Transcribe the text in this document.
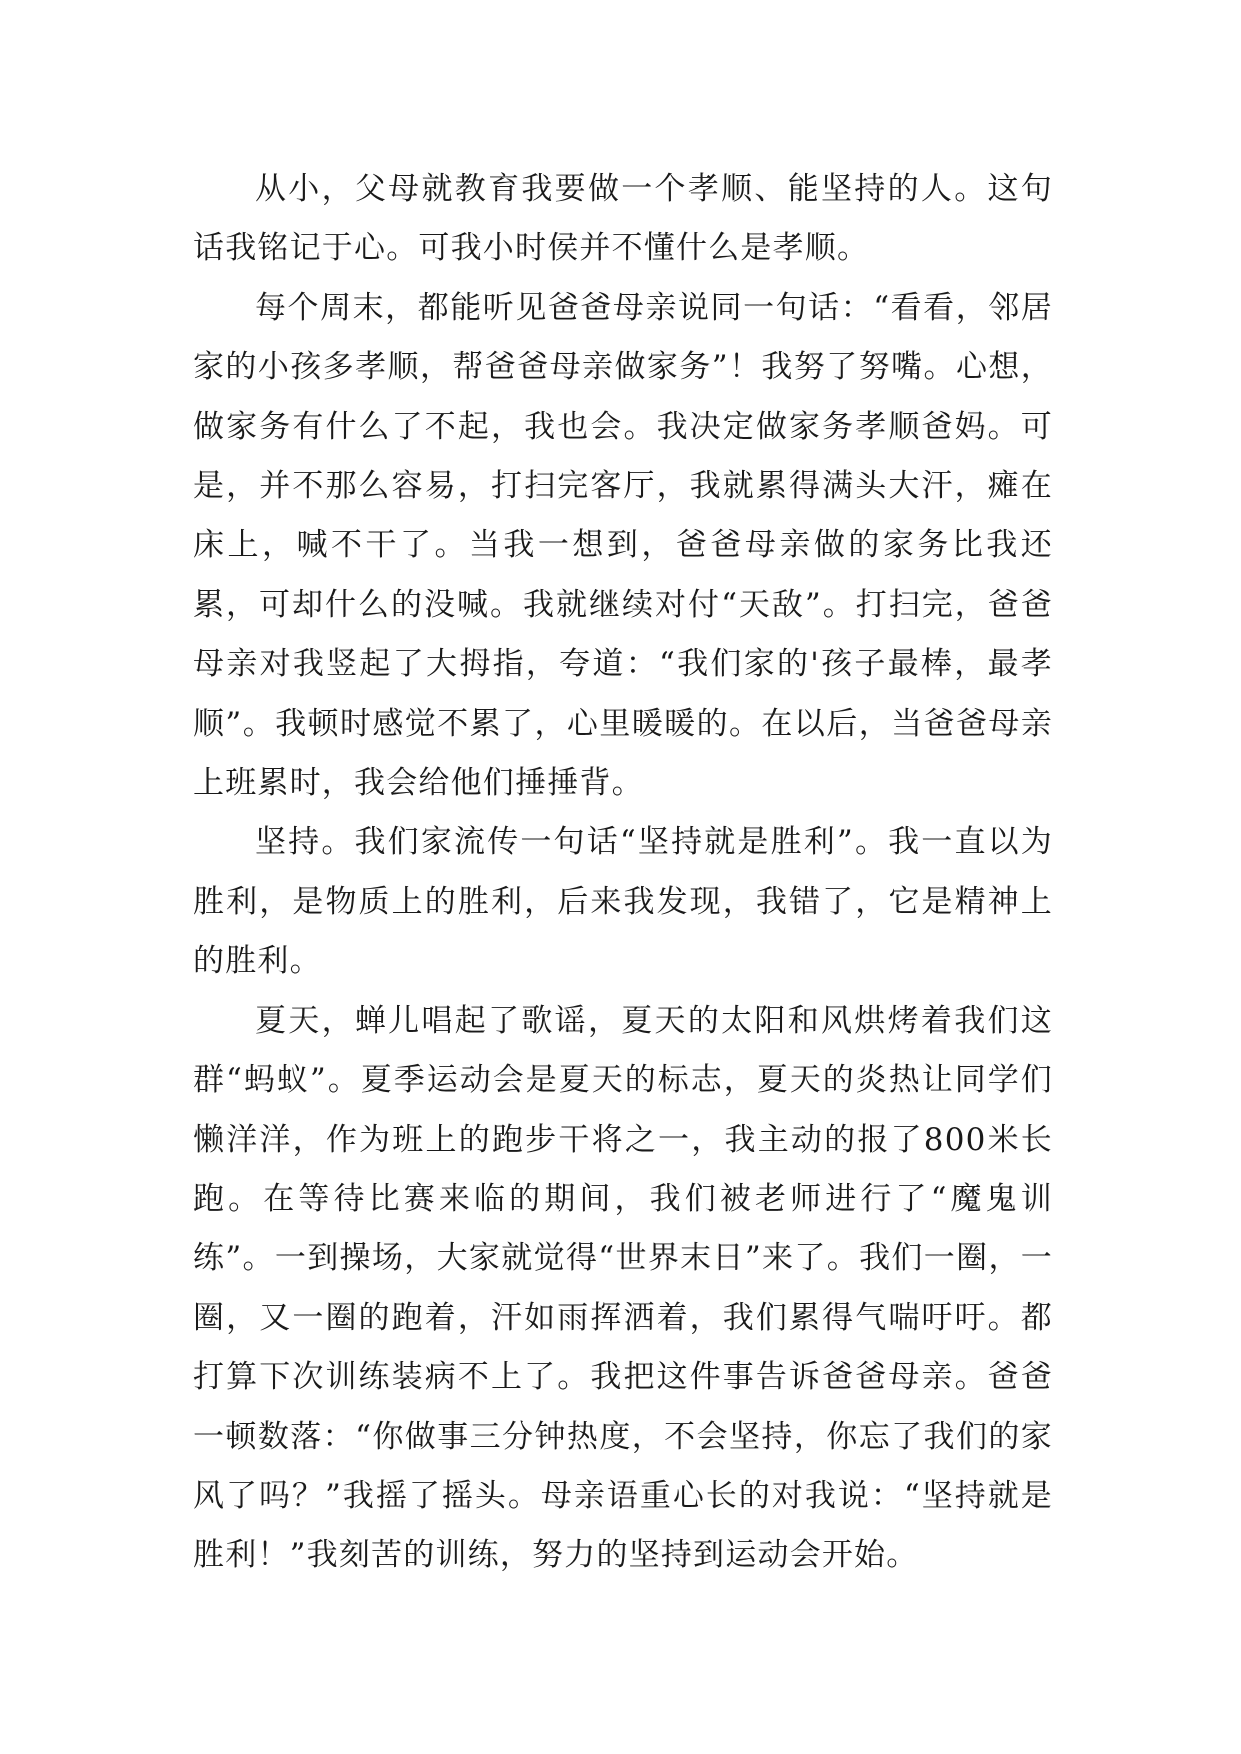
从小，父母就教育我要做一个孝顺、能坚持的人。这句话我铭记于心。可我小时侯并不懂什么是孝顺。

每个周末，都能听见爸爸母亲说同一句话：“看看，邻居家的小孩多孝顺，帮爸爸母亲做家务”！我努了努嘴。心想，做家务有什么了不起，我也会。我决定做家务孝顺爸妈。可是，并不那么容易，打扫完客厅，我就累得满头大汗，瘫在床上，喊不干了。当我一想到，爸爸母亲做的家务比我还累，可却什么的没喊。我就继续对付“天敌”。打扫完，爸爸母亲对我竖起了大拇指，夸道：“我们家的'孩子最棒，最孝顺”。我顿时感觉不累了，心里暖暖的。在以后，当爸爸母亲上班累时，我会给他们捶捶背。

坚持。我们家流传一句话“坚持就是胜利”。我一直以为胜利，是物质上的胜利，后来我发现，我错了，它是精神上的胜利。

夏天，蝉儿唱起了歌谣，夏天的太阳和风烘烤着我们这群“蚂蚁”。夏季运动会是夏天的标志，夏天的炎热让同学们懒洋洋，作为班上的跑步干将之一，我主动的报了800米长跑。在等待比赛来临的期间，我们被老师进行了“魔鬼训练”。一到操场，大家就觉得“世界末日”来了。我们一圈，一圈，又一圈的跑着，汗如雨挥洒着，我们累得气喘吁吁。都打算下次训练装病不上了。我把这件事告诉爸爸母亲。爸爸一顿数落：“你做事三分钟热度，不会坚持，你忘了我们的家风了吗？”我摇了摇头。母亲语重心长的对我说：“坚持就是胜利！”我刻苦的训练，努力的坚持到运动会开始。
